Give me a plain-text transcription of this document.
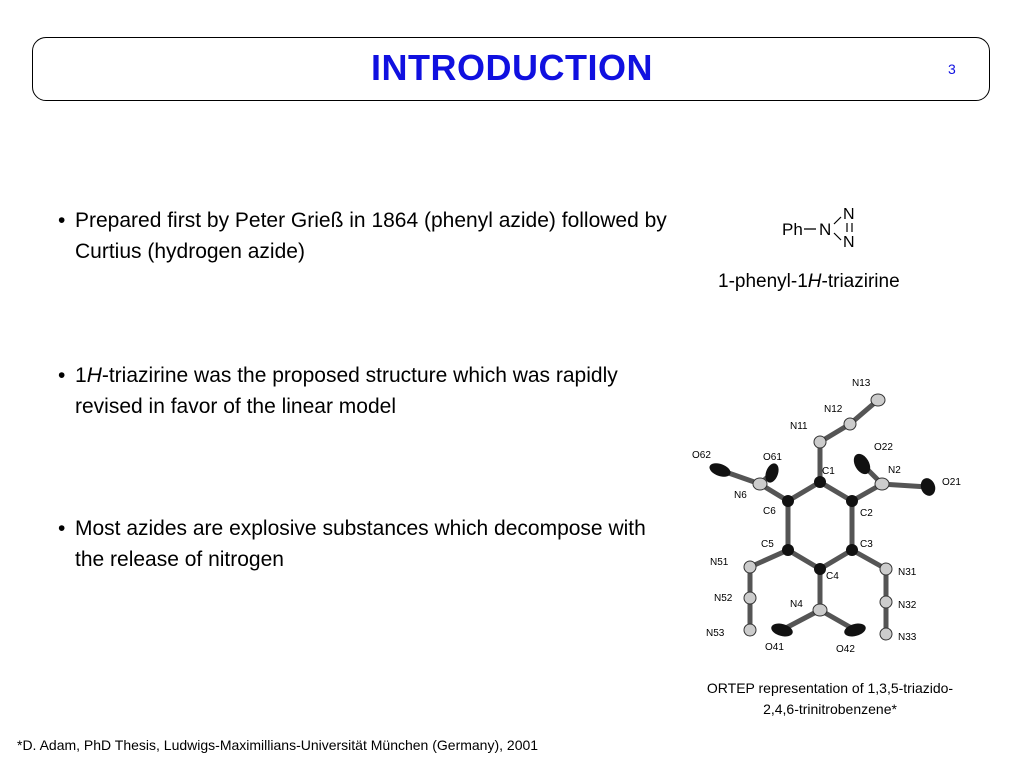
INTRODUCTION	3
• Prepared first by Peter Grieß in 1864 (phenyl azide) followed by Curtius (hydrogen azide)
• 1H-triazirine was the proposed structure which was rapidly revised in favor of the linear model
• Most azides are explosive substances which decompose with the release of nitrogen
Ph N
N
N
1-phenyl-1H-triazirine
N13
N12
N11
O22
O62	O61
N2
C1
O21
N6
C6	C2
C5	C3
N51
C4	N31
N52
N4	N32
N53	N33
O41	O42
ORTEP representation of 1,3,5-triazido-2,4,6-trinitrobenzene*
*D. Adam, PhD Thesis, Ludwigs-Maximillians-Universität München (Germany), 2001
